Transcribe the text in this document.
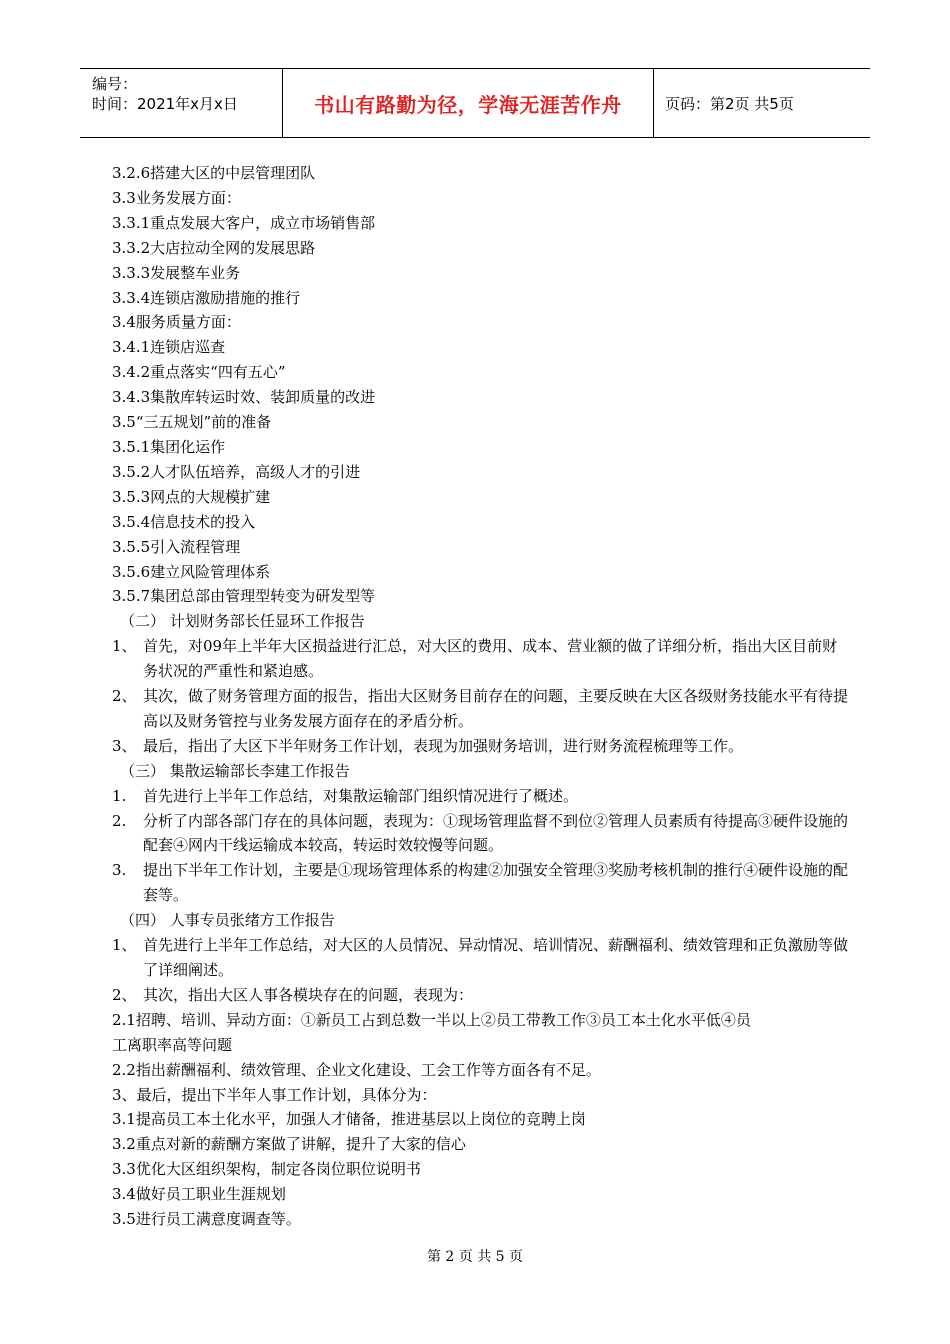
编号：
时间：2021年x月x日	书山有路勤为径，学海无涯苦作舟	页码：第2页 共5页
3.2.6搭建大区的中层管理团队
3.3业务发展方面：
3.3.1重点发展大客户，成立市场销售部
3.3.2大店拉动全网的发展思路
3.3.3发展整车业务
3.3.4连锁店激励措施的推行
3.4服务质量方面：
3.4.1连锁店巡查
3.4.2重点落实“四有五心”
3.4.3集散库转运时效、装卸质量的改进
3.5“三五规划”前的准备
3.5.1集团化运作
3.5.2人才队伍培养，高级人才的引进
3.5.3网点的大规模扩建
3.5.4信息技术的投入
3.5.5引入流程管理
3.5.6建立风险管理体系
3.5.7集团总部由管理型转变为研发型等
（二） 计划财务部长任显环工作报告
1、 首先，对09年上半年大区损益进行汇总，对大区的费用、成本、营业额的做了详细分析，指出大区目前财务状况的严重性和紧迫感。
2、 其次，做了财务管理方面的报告，指出大区财务目前存在的问题，主要反映在大区各级财务技能水平有待提高以及财务管控与业务发展方面存在的矛盾分析。
3、 最后，指出了大区下半年财务工作计划，表现为加强财务培训，进行财务流程梳理等工作。
（三） 集散运输部长李建工作报告
1.	首先进行上半年工作总结，对集散运输部门组织情况进行了概述。
2.	分析了内部各部门存在的具体问题，表现为：①现场管理监督不到位②管理人员素质有待提高③硬件设施的配套④网内干线运输成本较高，转运时效较慢等问题。
3.	提出下半年工作计划，主要是①现场管理体系的构建②加强安全管理③奖励考核机制的推行④硬件设施的配套等。
（四） 人事专员张绪方工作报告
1、 首先进行上半年工作总结，对大区的人员情况、异动情况、培训情况、薪酬福利、绩效管理和正负激励等做了详细阐述。
2、 其次，指出大区人事各模块存在的问题，表现为：
2.1招聘、培训、异动方面：①新员工占到总数一半以上②员工带教工作③员工本土化水平低④员
工离职率高等问题
2.2指出薪酬福利、绩效管理、企业文化建设、工会工作等方面各有不足。
3、最后，提出下半年人事工作计划，具体分为：
3.1提高员工本土化水平，加强人才储备，推进基层以上岗位的竞聘上岗
3.2重点对新的薪酬方案做了讲解，提升了大家的信心
3.3优化大区组织架构，制定各岗位职位说明书
3.4做好员工职业生涯规划
3.5进行员工满意度调查等。
第 2 页 共 5 页
